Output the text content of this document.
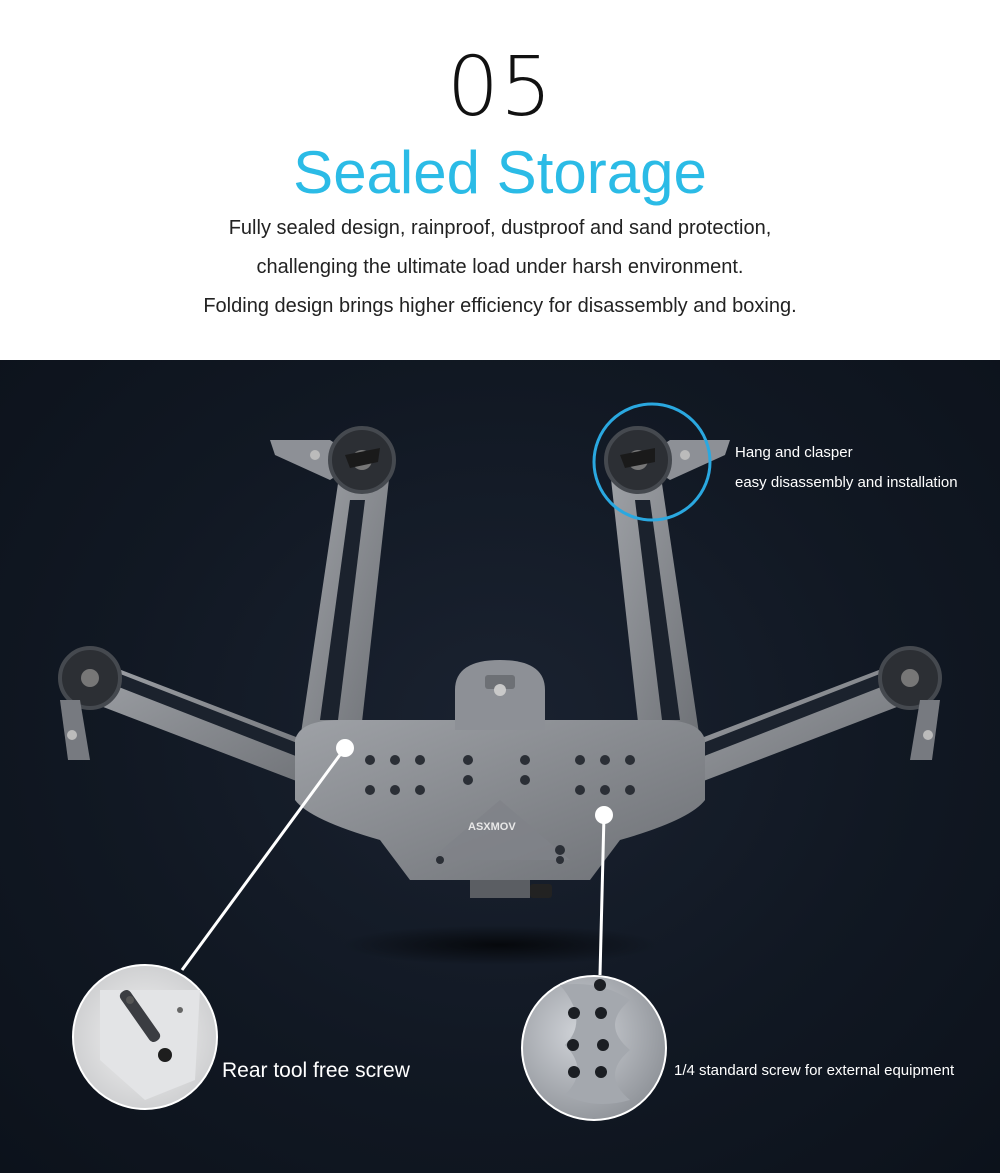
05
Sealed Storage
Fully sealed design, rainproof, dustproof and sand protection,
challenging the ultimate load under harsh environment.
Folding design brings higher efficiency for disassembly and boxing.
ASXMOV
Hang and clasper
easy disassembly and installation
Rear tool free screw	1/4 standard screw for external equipment
